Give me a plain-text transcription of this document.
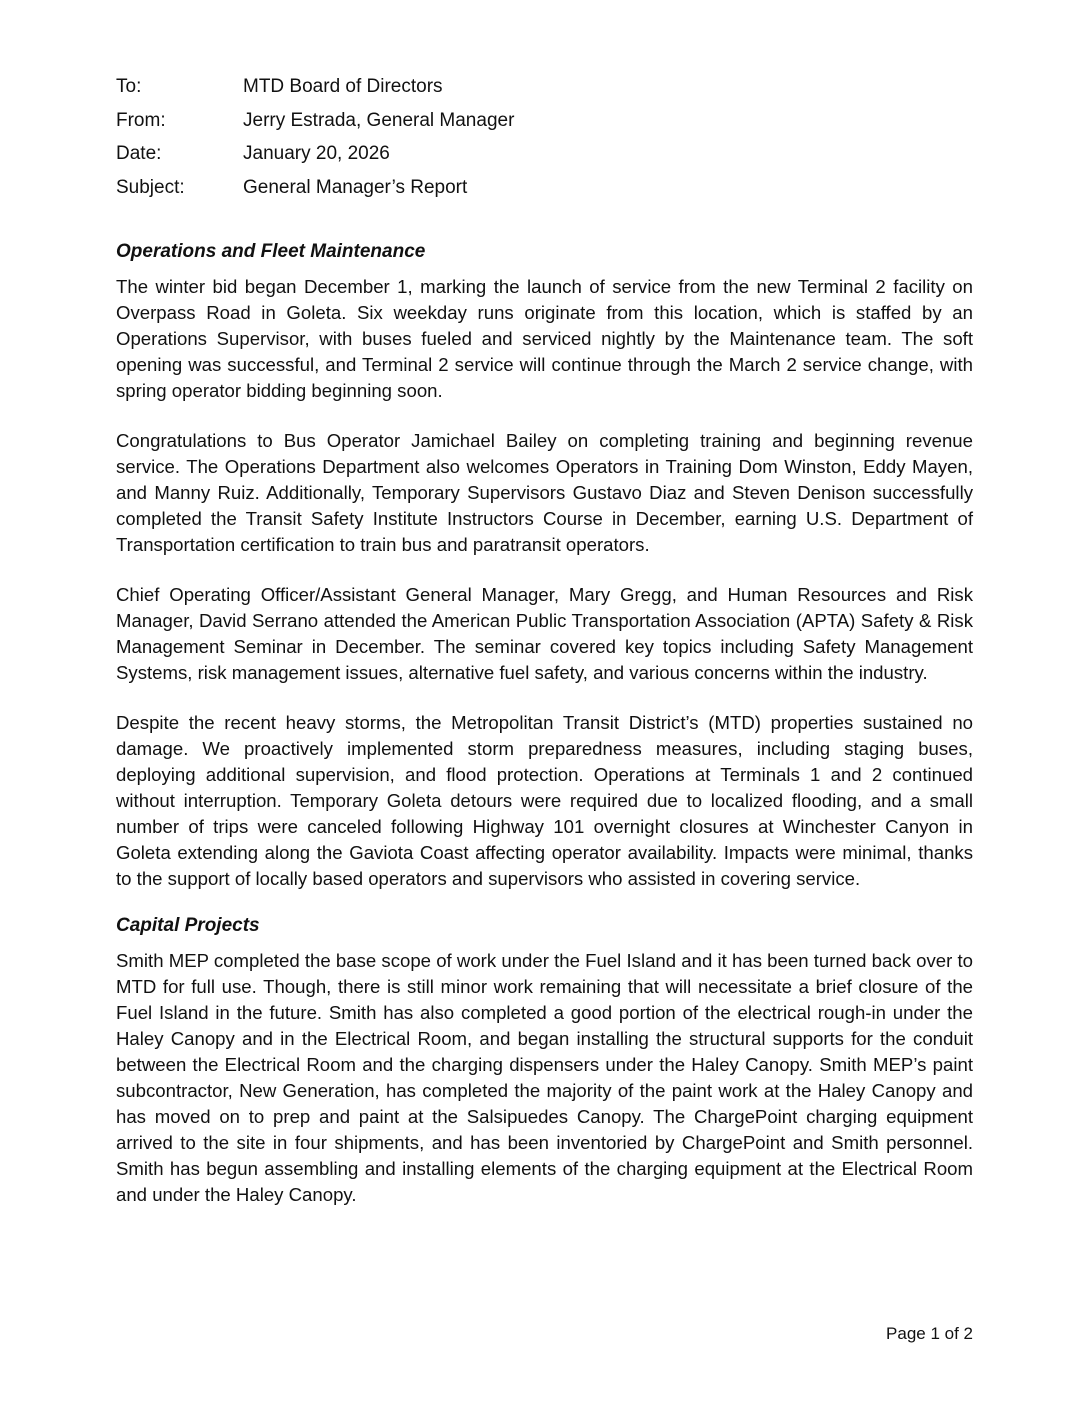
To:	MTD Board of Directors
From:	Jerry Estrada, General Manager
Date:	January 20, 2026
Subject:	General Manager’s Report
Operations and Fleet Maintenance

The winter bid began December 1, marking the launch of service from the new Terminal 2 facility on Overpass Road in Goleta. Six weekday runs originate from this location, which is staffed by an Operations Supervisor, with buses fueled and serviced nightly by the Maintenance team. The soft opening was successful, and Terminal 2 service will continue through the March 2 service change, with spring operator bidding beginning soon.

Congratulations to Bus Operator Jamichael Bailey on completing training and beginning revenue service. The Operations Department also welcomes Operators in Training Dom Winston, Eddy Mayen, and Manny Ruiz. Additionally, Temporary Supervisors Gustavo Diaz and Steven Denison successfully completed the Transit Safety Institute Instructors Course in December, earning U.S. Department of Transportation certification to train bus and paratransit operators.

Chief Operating Officer/Assistant General Manager, Mary Gregg, and Human Resources and Risk Manager, David Serrano attended the American Public Transportation Association (APTA) Safety & Risk Management Seminar in December. The seminar covered key topics including Safety Management Systems, risk management issues, alternative fuel safety, and various concerns within the industry.

Despite the recent heavy storms, the Metropolitan Transit District’s (MTD) properties sustained no damage. We proactively implemented storm preparedness measures, including staging buses, deploying additional supervision, and flood protection. Operations at Terminals 1 and 2 continued without interruption. Temporary Goleta detours were required due to localized flooding, and a small number of trips were canceled following Highway 101 overnight closures at Winchester Canyon in Goleta extending along the Gaviota Coast affecting operator availability. Impacts were minimal, thanks to the support of locally based operators and supervisors who assisted in covering service.

Capital Projects

Smith MEP completed the base scope of work under the Fuel Island and it has been turned back over to MTD for full use. Though, there is still minor work remaining that will necessitate a brief closure of the Fuel Island in the future. Smith has also completed a good portion of the electrical rough-in under the Haley Canopy and in the Electrical Room, and began installing the structural supports for the conduit between the Electrical Room and the charging dispensers under the Haley Canopy. Smith MEP’s paint subcontractor, New Generation, has completed the majority of the paint work at the Haley Canopy and has moved on to prep and paint at the Salsipuedes Canopy. The ChargePoint charging equipment arrived to the site in four shipments, and has been inventoried by ChargePoint and Smith personnel. Smith has begun assembling and installing elements of the charging equipment at the Electrical Room and under the Haley Canopy.

Page 1 of 2
